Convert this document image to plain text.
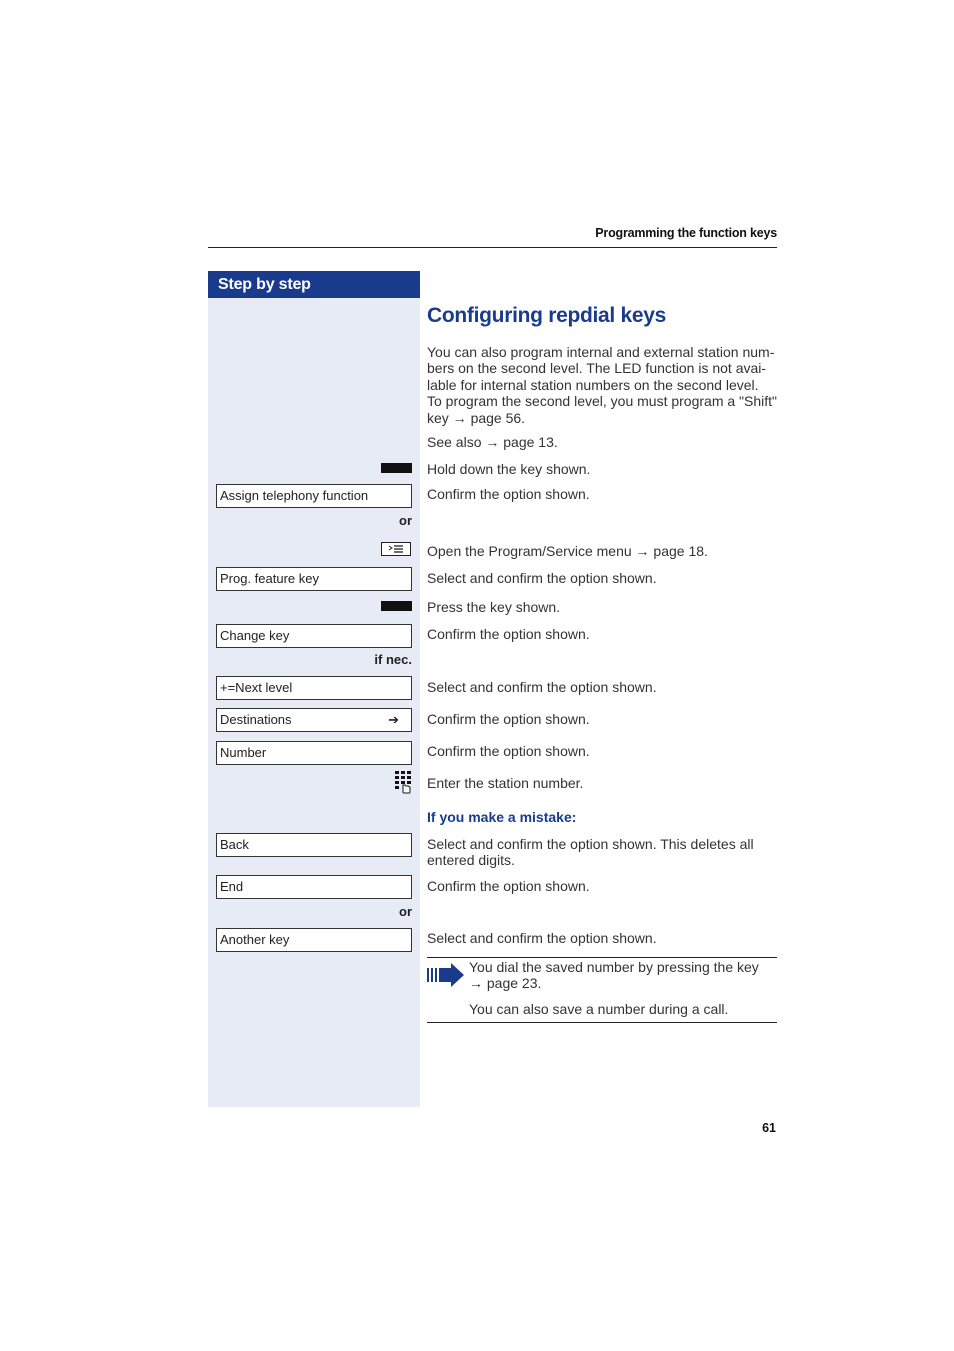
Programming the function keys
Step by step
Configuring repdial keys
You can also program internal and external station num-
bers on the second level. The LED function is not avai-
lable for internal station numbers on the second level.
To program the second level, you must program a "Shift"
key → page 56.
See also → page 13.
Hold down the key shown.
Assign telephony function	Confirm the option shown.
or
Open the Program/Service menu → page 18.
Prog. feature key	Select and confirm the option shown.
Press the key shown.
Change key	Confirm the option shown.
if nec.
+=Next level	Select and confirm the option shown.
Destinations	➔ Confirm the option shown.
Number	Confirm the option shown.
Enter the station number.
If you make a mistake:
Back	Select and confirm the option shown. This deletes all
entered digits.
End	Confirm the option shown.
or
Another key	Select and confirm the option shown.
You dial the saved number by pressing the key
→ page 23.
You can also save a number during a call.
61
